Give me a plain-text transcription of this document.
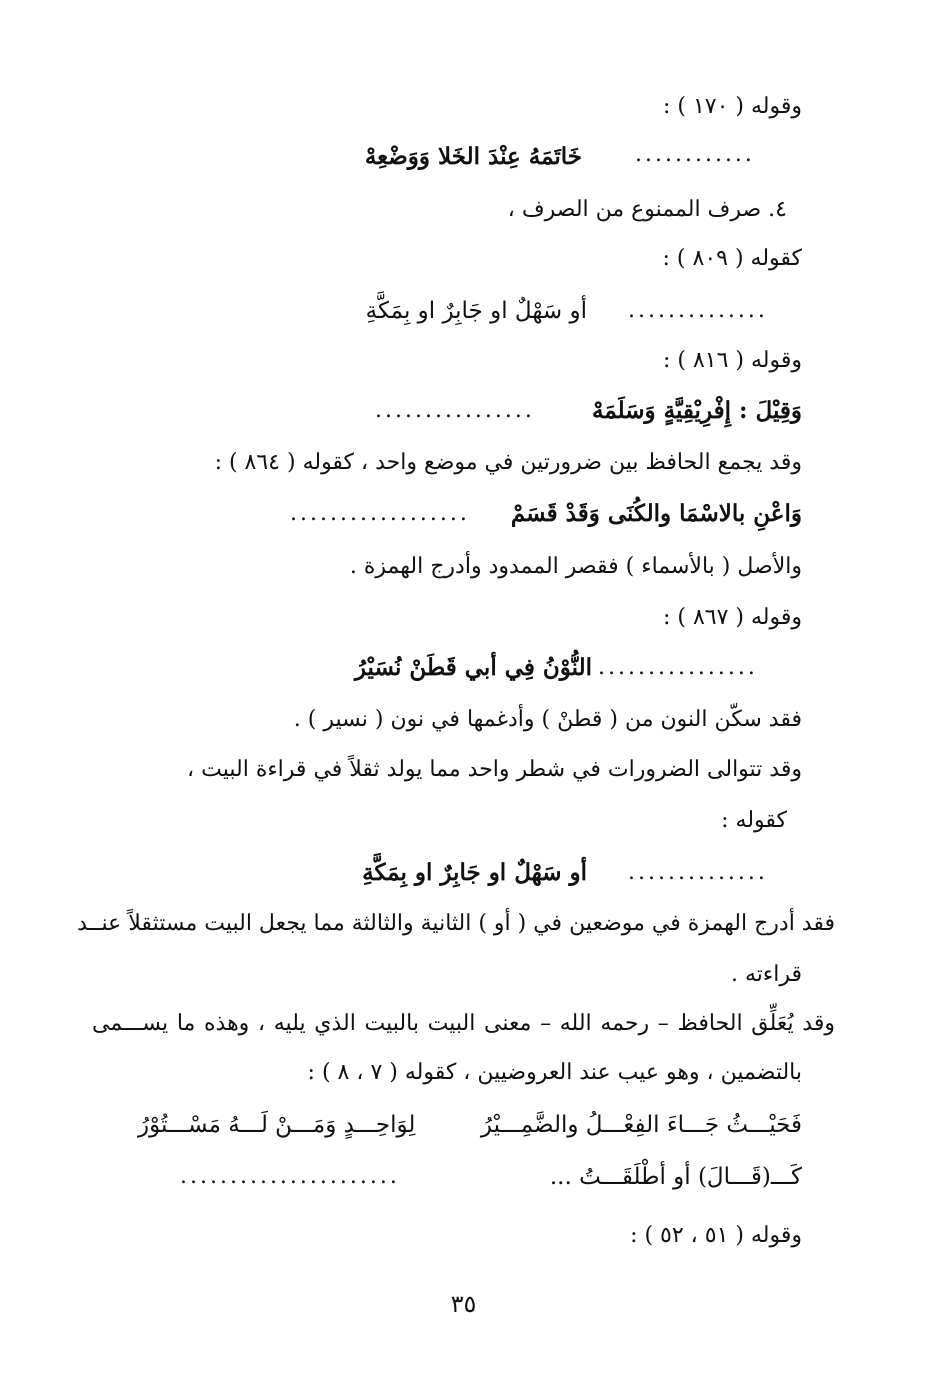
وقوله ( ١٧٠ ) :
خَاتَمَهُ عِنْدَ الخَلا وَوَضْعِهْ ............
٤. صرف الممنوع من الصرف ،
كقوله ( ٨٠٩ ) :
أو سَهْلٌ او جَابِرٌ او بِمَكَّةِ ..............
وقوله ( ٨١٦ ) :
وَقِيْلَ : إِفْرِيْقِيَّةٍ وَسَلَمَهْ
................
وقد يجمع الحافظ بين ضرورتين في موضع واحد ، كقوله ( ٨٦٤ ) :
وَاعْنِ بالاسْمَا والكُنَى وَقَدْ قَسَمْ
..................
والأصل ( بالأسماء ) فقصر الممدود وأدرج الهمزة .
وقوله ( ٨٦٧ ) :
النُّوْنُ فِي أبي قَطَنْ نُسَيْرُ ................
فقد سكّن النون من ( قطنْ ) وأدغمها في نون ( نسير ) .
وقد تتوالى الضرورات في شطر واحد مما يولد ثقلاً في قراءة البيت ،
كقوله :
أو سَهْلٌ او جَابِرٌ او بِمَكَّةِ ..............
فقد أدرج الهمزة في موضعين في ( أو ) الثانية والثالثة مما يجعل البيت مستثقلاً عنــد
قراءته .
وقد يُعَلِّق الحافظ – رحمه الله – معنى البيت بالبيت الذي يليه ، وهذه ما يســـمى
بالتضمين ، وهو عيب عند العروضيين ، كقوله ( ٧ ، ٨ ) :
فَحَيْـــثُ جَـــاءَ الفِعْـــلُ والضَّمِـــيْرُ
لِوَاحِـــدٍ وَمَـــنْ لَـــهُ مَسْـــتُوْرُ
كَـــ(قَـــالَ) أو أطْلَقَـــتُ ...
......................
وقوله ( ٥١ ، ٥٢ ) :
٣٥
